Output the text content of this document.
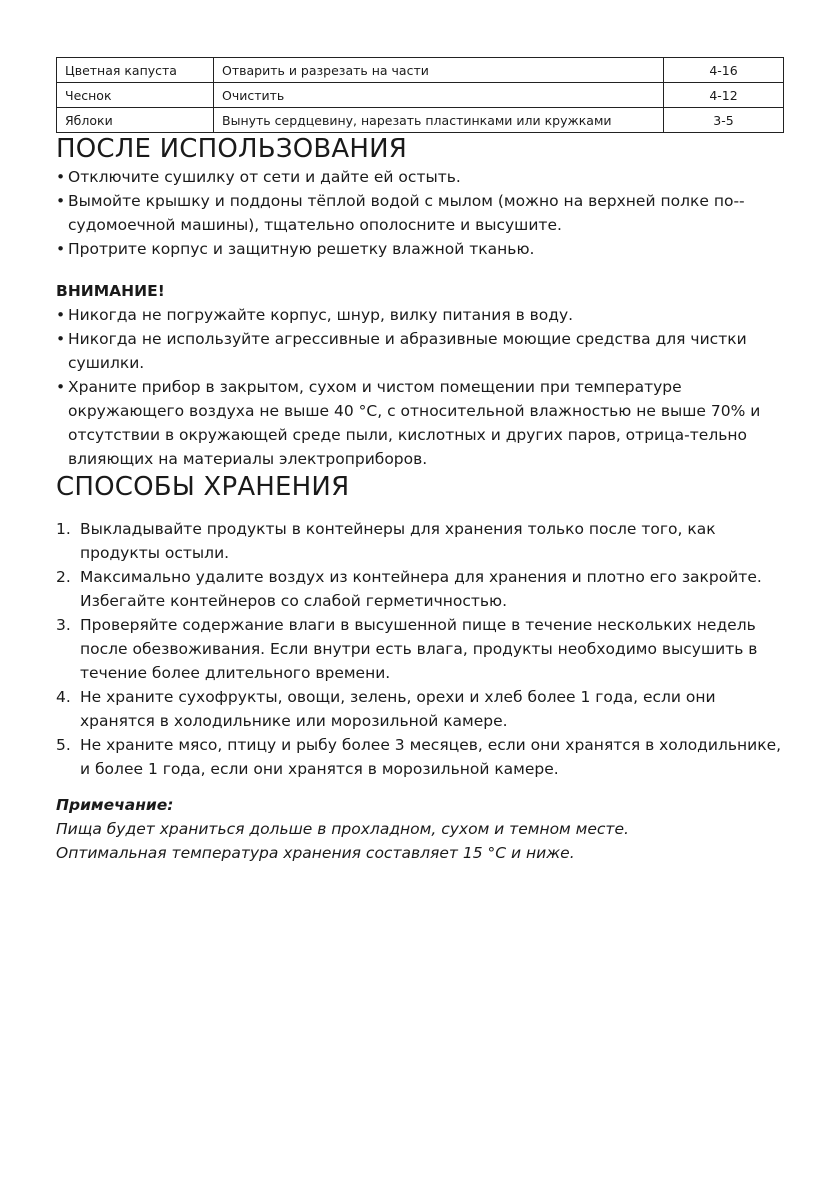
Цветная капуста	Отварить и разрезать на части	4-16
Чеснок	Очистить	4-12
Яблоки	Вынуть сердцевину, нарезать пластинками или кружками	3-5
ПОСЛЕ ИСПОЛЬЗОВАНИЯ
• Отключите сушилку от сети и дайте ей остыть.
• Вымойте крышку и поддоны тёплой водой с мылом (можно на верхней полке по-судомоечной машины), тщательно ополосните и высушите.
• Протрите корпус и защитную решетку влажной тканью.
ВНИМАНИЕ!
• Никогда не погружайте корпус, шнур, вилку питания в воду.
• Никогда не используйте агрессивные и абразивные моющие средства для чистки сушилки.
• Храните прибор в закрытом, сухом и чистом помещении при температуре окружающего воздуха не выше 40 °С, с относительной влажностью не выше 70% и отсутствии в окружающей среде пыли, кислотных и других паров, отрица-тельно влияющих на материалы электроприборов.
СПОСОБЫ ХРАНЕНИЯ
1. Выкладывайте продукты в контейнеры для хранения только после того, как продукты остыли.
2. Максимально удалите воздух из контейнера для хранения и плотно его закройте. Избегайте контейнеров со слабой герметичностью.
3. Проверяйте содержание влаги в высушенной пище в течение нескольких недель после обезвоживания. Если внутри есть влага, продукты необходимо высушить в течение более длительного времени.
4. Не храните сухофрукты, овощи, зелень, орехи и хлеб более 1 года, если они хранятся в холодильнике или морозильной камере.
5. Не храните мясо, птицу и рыбу более 3 месяцев, если они хранятся в холодильнике, и более 1 года, если они хранятся в морозильной камере.
Примечание:
Пища будет храниться дольше в прохладном, сухом и темном месте.
Оптимальная температура хранения составляет 15 °С и ниже.
